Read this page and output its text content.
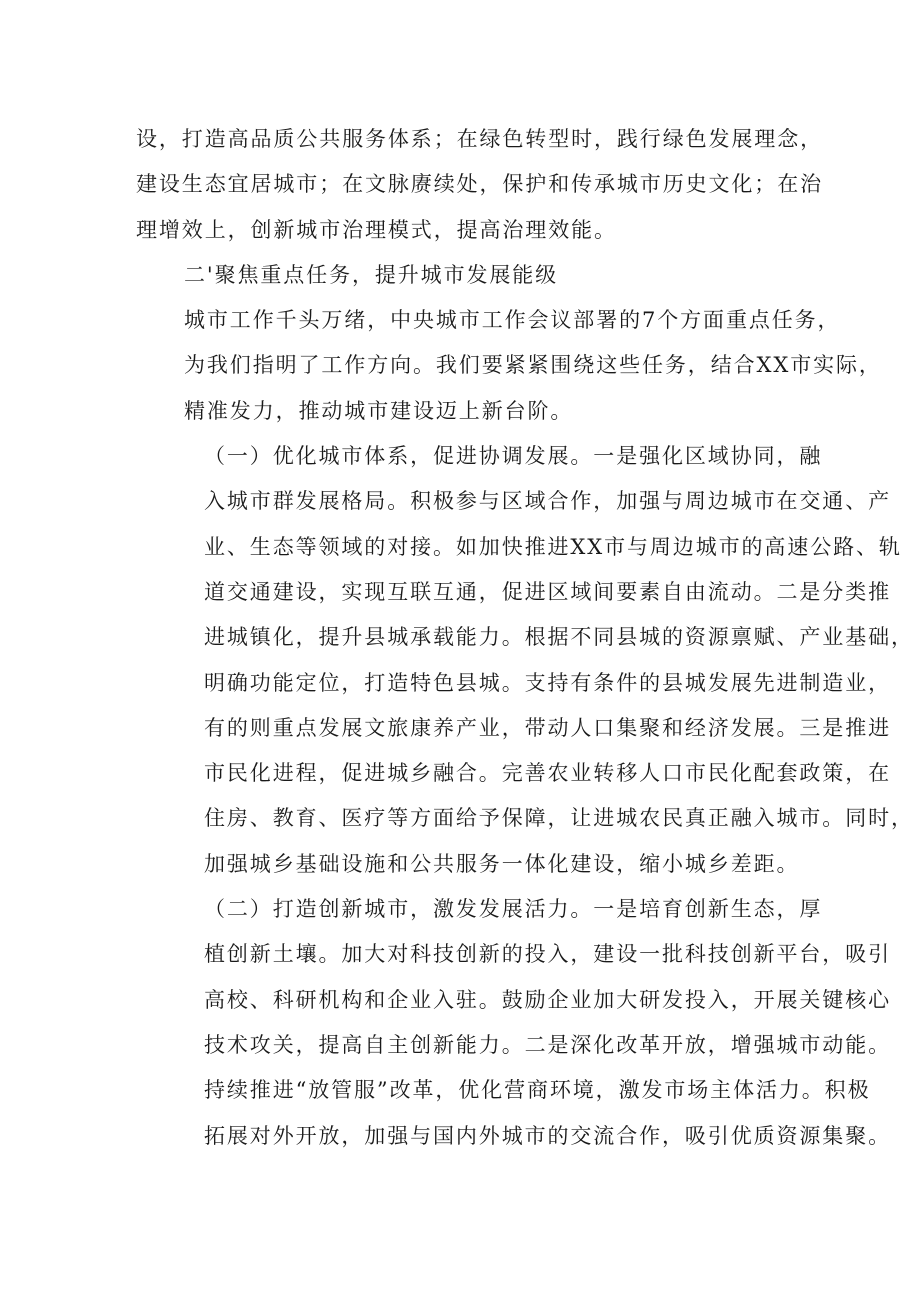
设，打造高品质公共服务体系；在绿色转型时，践行绿色发展理念，
建设生态宜居城市；在文脉赓续处，保护和传承城市历史文化；在治
理增效上，创新城市治理模式，提高治理效能。

二'聚焦重点任务，提升城市发展能级

城市工作千头万绪，中央城市工作会议部署的7个方面重点任务，
为我们指明了工作方向。我们要紧紧围绕这些任务，结合XX市实际，
精准发力，推动城市建设迈上新台阶。

（一）优化城市体系，促进协调发展。一是强化区域协同，融
入城市群发展格局。积极参与区域合作，加强与周边城市在交通、产
业、生态等领域的对接。如加快推进XX市与周边城市的高速公路、轨
道交通建设，实现互联互通，促进区域间要素自由流动。二是分类推
进城镇化，提升县城承载能力。根据不同县城的资源禀赋、产业基础，
明确功能定位，打造特色县城。支持有条件的县城发展先进制造业，
有的则重点发展文旅康养产业，带动人口集聚和经济发展。三是推进
市民化进程，促进城乡融合。完善农业转移人口市民化配套政策，在
住房、教育、医疗等方面给予保障，让进城农民真正融入城市。同时，
加强城乡基础设施和公共服务一体化建设，缩小城乡差距。

（二）打造创新城市，激发发展活力。一是培育创新生态，厚
植创新土壤。加大对科技创新的投入，建设一批科技创新平台，吸引
高校、科研机构和企业入驻。鼓励企业加大研发投入，开展关键核心
技术攻关，提高自主创新能力。二是深化改革开放，增强城市动能。
持续推进“放管服”改革，优化营商环境，激发市场主体活力。积极
拓展对外开放，加强与国内外城市的交流合作，吸引优质资源集聚。
